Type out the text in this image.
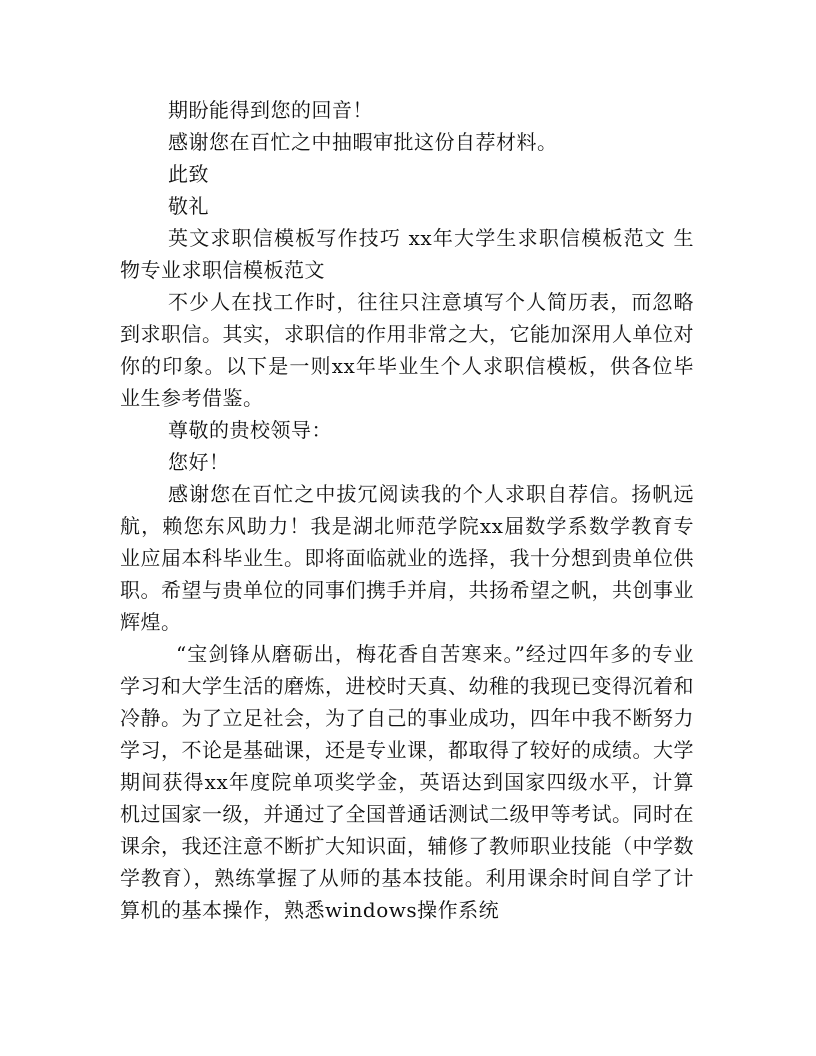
期盼能得到您的回音！

感谢您在百忙之中抽暇审批这份自荐材料。

此致

敬礼

英文求职信模板写作技巧 xx年大学生求职信模板范文 生物专业求职信模板范文

不少人在找工作时，往往只注意填写个人简历表，而忽略到求职信。其实，求职信的作用非常之大，它能加深用人单位对你的印象。以下是一则xx年毕业生个人求职信模板，供各位毕业生参考借鉴。

尊敬的贵校领导：

您好！

感谢您在百忙之中拔冗阅读我的个人求职自荐信。扬帆远航，赖您东风助力！我是湖北师范学院xx届数学系数学教育专业应届本科毕业生。即将面临就业的选择，我十分想到贵单位供职。希望与贵单位的同事们携手并肩，共扬希望之帆，共创事业辉煌。

“宝剑锋从磨砺出，梅花香自苦寒来。”经过四年多的专业学习和大学生活的磨炼，进校时天真、幼稚的我现已变得沉着和冷静。为了立足社会，为了自己的事业成功，四年中我不断努力学习，不论是基础课，还是专业课，都取得了较好的成绩。大学期间获得xx年度院单项奖学金，英语达到国家四级水平，计算机过国家一级，并通过了全国普通话测试二级甲等考试。同时在课余，我还注意不断扩大知识面，辅修了教师职业技能（中学数学教育），熟练掌握了从师的基本技能。利用课余时间自学了计算机的基本操作，熟悉windows操作系统
